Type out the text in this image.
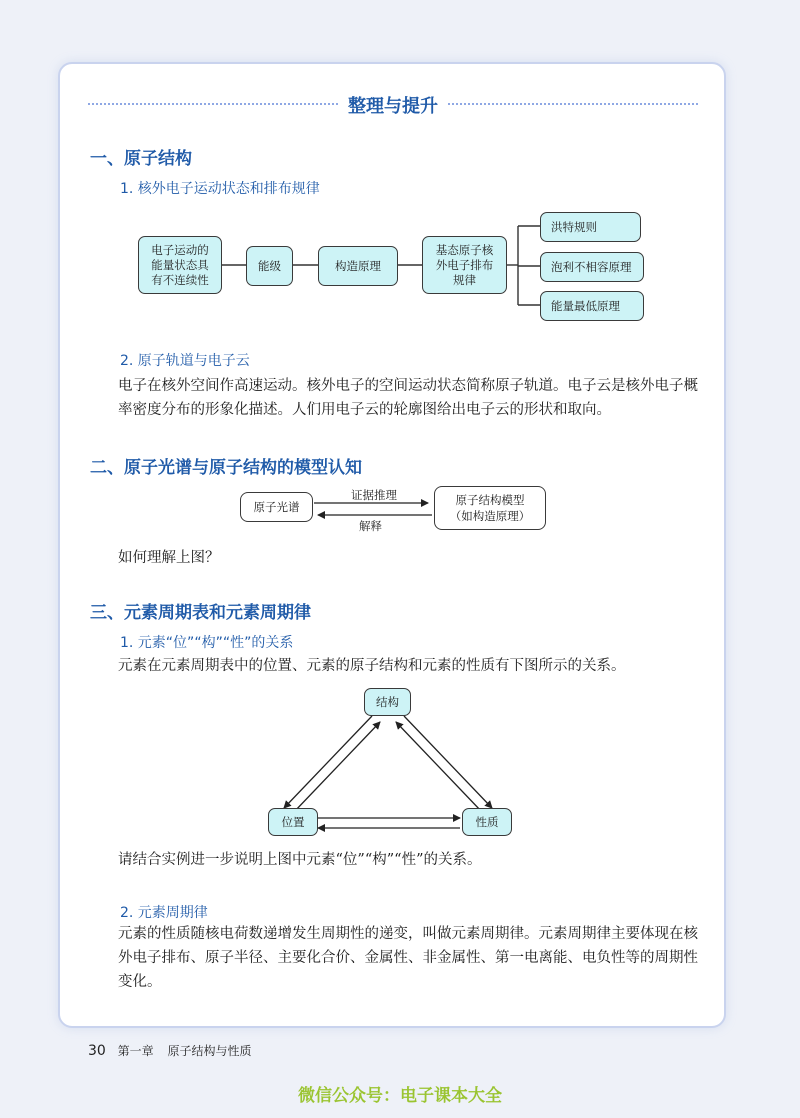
整理与提升
一、原子结构
1. 核外电子运动状态和排布规律
电子运动的
能量状态具
有不连续性
能级	构造原理
基态原子核
外电子排布
规律
洪特规则
泡利不相容原理
能量最低原理
2. 原子轨道与电子云
电子在核外空间作高速运动。核外电子的空间运动状态简称原子轨道。电子云是核外电子概率密度分布的形象化描述。人们用电子云的轮廓图给出电子云的形状和取向。
二、原子光谱与原子结构的模型认知
原子光谱
证据推理
解释
原子结构模型
（如构造原理）
如何理解上图？
三、元素周期表和元素周期律
1. 元素“位”“构”“性”的关系
元素在元素周期表中的位置、元素的原子结构和元素的性质有下图所示的关系。
结构
位置	性质
请结合实例进一步说明上图中元素“位”“构”“性”的关系。
2. 元素周期律
元素的性质随核电荷数递增发生周期性的递变，叫做元素周期律。元素周期律主要体现在核外电子排布、原子半径、主要化合价、金属性、非金属性、第一电离能、电负性等的周期性变化。
30 第一章 原子结构与性质
微信公众号：电子课本大全
